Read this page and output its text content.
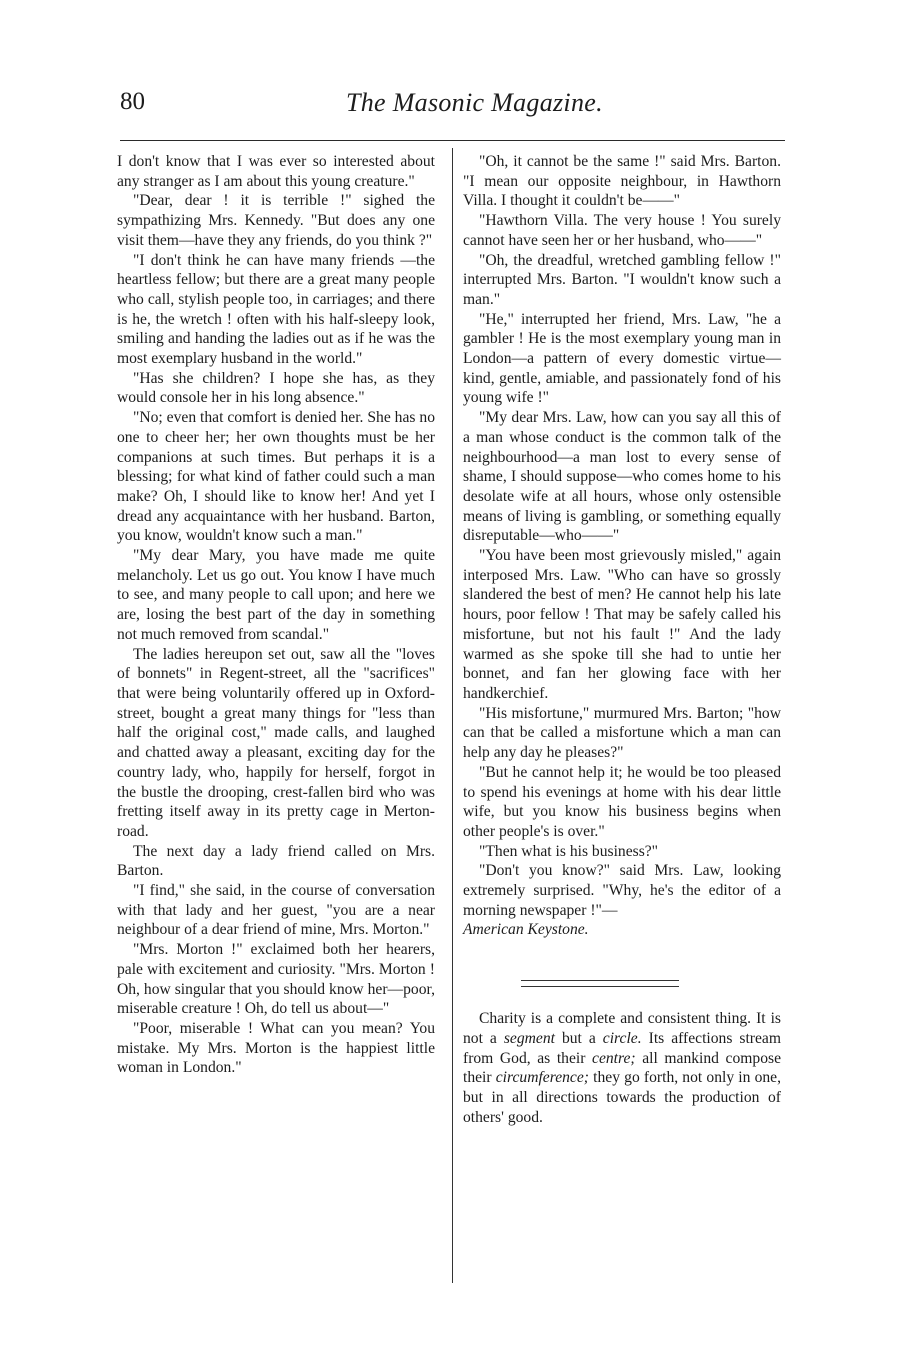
80	The Masonic Magazine.

I don't know that I was ever so interested about any stranger as I am about this young creature."

"Dear, dear ! it is terrible !" sighed the sympathizing Mrs. Kennedy. "But does any one visit them—have they any friends, do you think ?"

"I don't think he can have many friends —the heartless fellow; but there are a great many people who call, stylish people too, in carriages; and there is he, the wretch ! often with his half-sleepy look, smiling and handing the ladies out as if he was the most exemplary husband in the world."

"Has she children? I hope she has, as they would console her in his long absence."

"No; even that comfort is denied her. She has no one to cheer her; her own thoughts must be her companions at such times. But perhaps it is a blessing; for what kind of father could such a man make? Oh, I should like to know her! And yet I dread any acquaintance with her husband. Barton, you know, wouldn't know such a man."

"My dear Mary, you have made me quite melancholy. Let us go out. You know I have much to see, and many people to call upon; and here we are, losing the best part of the day in something not much removed from scandal."

The ladies hereupon set out, saw all the "loves of bonnets" in Regent-street, all the "sacrifices" that were being voluntarily offered up in Oxford-street, bought a great many things for "less than half the original cost," made calls, and laughed and chatted away a pleasant, exciting day for the country lady, who, happily for herself, forgot in the bustle the drooping, crest-fallen bird who was fretting itself away in its pretty cage in Merton-road.

The next day a lady friend called on Mrs. Barton.

"I find," she said, in the course of conversation with that lady and her guest, "you are a near neighbour of a dear friend of mine, Mrs. Morton."

"Mrs. Morton !" exclaimed both her hearers, pale with excitement and curiosity. "Mrs. Morton ! Oh, how singular that you should know her—poor, miserable creature ! Oh, do tell us about—"

"Poor, miserable ! What can you mean? You mistake. My Mrs. Morton is the happiest little woman in London."

"Oh, it cannot be the same !" said Mrs. Barton. "I mean our opposite neighbour, in Hawthorn Villa. I thought it couldn't be——"

"Hawthorn Villa. The very house ! You surely cannot have seen her or her husband, who——"

"Oh, the dreadful, wretched gambling fellow !" interrupted Mrs. Barton. "I wouldn't know such a man."

"He," interrupted her friend, Mrs. Law, "he a gambler ! He is the most exemplary young man in London—a pattern of every domestic virtue—kind, gentle, amiable, and passionately fond of his young wife !"

"My dear Mrs. Law, how can you say all this of a man whose conduct is the common talk of the neighbourhood—a man lost to every sense of shame, I should suppose—who comes home to his desolate wife at all hours, whose only ostensible means of living is gambling, or something equally disreputable—who——"

"You have been most grievously misled," again interposed Mrs. Law. "Who can have so grossly slandered the best of men? He cannot help his late hours, poor fellow ! That may be safely called his misfortune, but not his fault !" And the lady warmed as she spoke till she had to untie her bonnet, and fan her glowing face with her handkerchief.

"His misfortune," murmured Mrs. Barton; "how can that be called a misfortune which a man can help any day he pleases?"

"But he cannot help it; he would be too pleased to spend his evenings at home with his dear little wife, but you know his business begins when other people's is over."

"Then what is his business?"

"Don't you know?" said Mrs. Law, looking extremely surprised. "Why, he's the editor of a morning newspaper !"—

American Keystone.

Charity is a complete and consistent thing. It is not a segment but a circle. Its affections stream from God, as their centre; all mankind compose their circumference; they go forth, not only in one, but in all directions towards the production of others' good.
